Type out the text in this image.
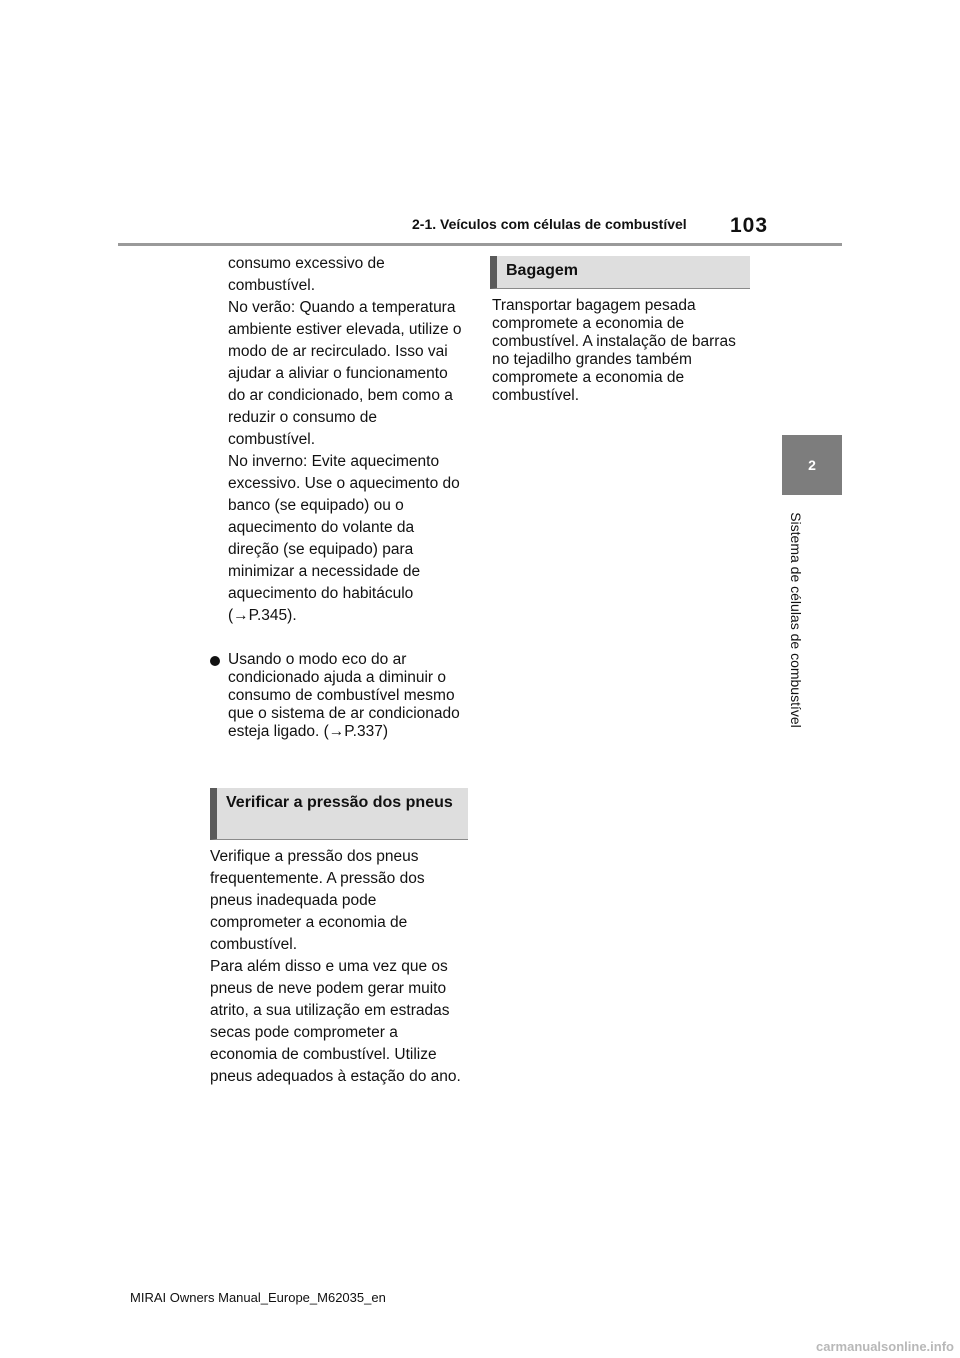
2-1. Veículos com células de combustível 103
2
Sistema de células de combustível
consumo excessivo de combustível.
No verão: Quando a temperatura ambiente estiver elevada, utilize o modo de ar recirculado. Isso vai ajudar a aliviar o funcionamento do ar condicionado, bem como a reduzir o consumo de combustível.
No inverno: Evite aquecimento excessivo. Use o aquecimento do banco (se equipado) ou o aquecimento do volante da direção (se equipado) para minimizar a necessidade de aquecimento do habitáculo (→P.345).
Usando o modo eco do ar condicionado ajuda a diminuir o consumo de combustível mesmo que o sistema de ar condicionado esteja ligado. (→P.337)
Verificar a pressão dos pneus
Verifique a pressão dos pneus frequentemente. A pressão dos pneus inadequada pode comprometer a economia de combustível.
Para além disso e uma vez que os pneus de neve podem gerar muito atrito, a sua utilização em estradas secas pode comprometer a economia de combustível. Utilize pneus adequados à estação do ano.
Bagagem
Transportar bagagem pesada compromete a economia de combustível. A instalação de barras no tejadilho grandes também compromete a economia de combustível.
MIRAI Owners Manual_Europe_M62035_en
carmanualsonline.info
